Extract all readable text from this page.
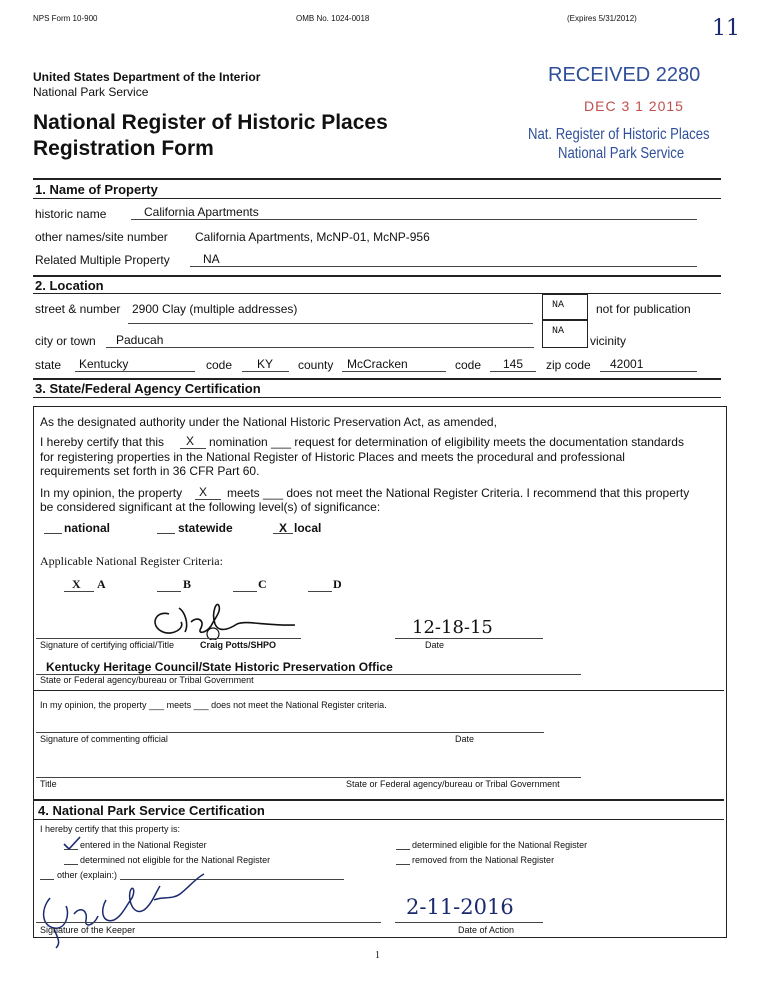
NPS Form 10-900	OMB No. 1024-0018	(Expires 5/31/2012)	11
United States Department of the Interior
National Park Service
National Register of Historic Places
Registration Form
RECEIVED 2280
DEC 3 1 2015
Nat. Register of Historic Places
National Park Service
1. Name of Property
historic name	California Apartments
other names/site number California Apartments, McNP-01, McNP-956
Related Multiple Property	NA
2. Location
street & number 2900 Clay (multiple addresses)	NA	not for publication
city or town Paducah
NA
vicinity
state Kentucky	code KY county McCracken	code 145 zip code 42001
3. State/Federal Agency Certification
As the designated authority under the National Historic Preservation Act, as amended,
I hereby certify that this X nomination ___ request for determination of eligibility meets the documentation standards
for registering properties in the National Register of Historic Places and meets the procedural and professional
requirements set forth in 36 CFR Part 60.
In my opinion, the property X meets ___ does not meet the National Register Criteria. I recommend that this property
be considered significant at the following level(s) of significance:
national	statewide	X local
Applicable National Register Criteria:
X A	B	C	D
12-18-15
Signature of certifying official/Title	Craig Potts/SHPO	Date
Kentucky Heritage Council/State Historic Preservation Office
State or Federal agency/bureau or Tribal Government
In my opinion, the property ___ meets ___ does not meet the National Register criteria.
Signature of commenting official	Date
Title	State or Federal agency/bureau or Tribal Government
4. National Park Service Certification
I hereby certify that this property is:
entered in the National Register	determined eligible for the National Register
determined not eligible for the National Register	removed from the National Register
other (explain:)
2-11-2016
Signature of the Keeper	Date of Action
1
